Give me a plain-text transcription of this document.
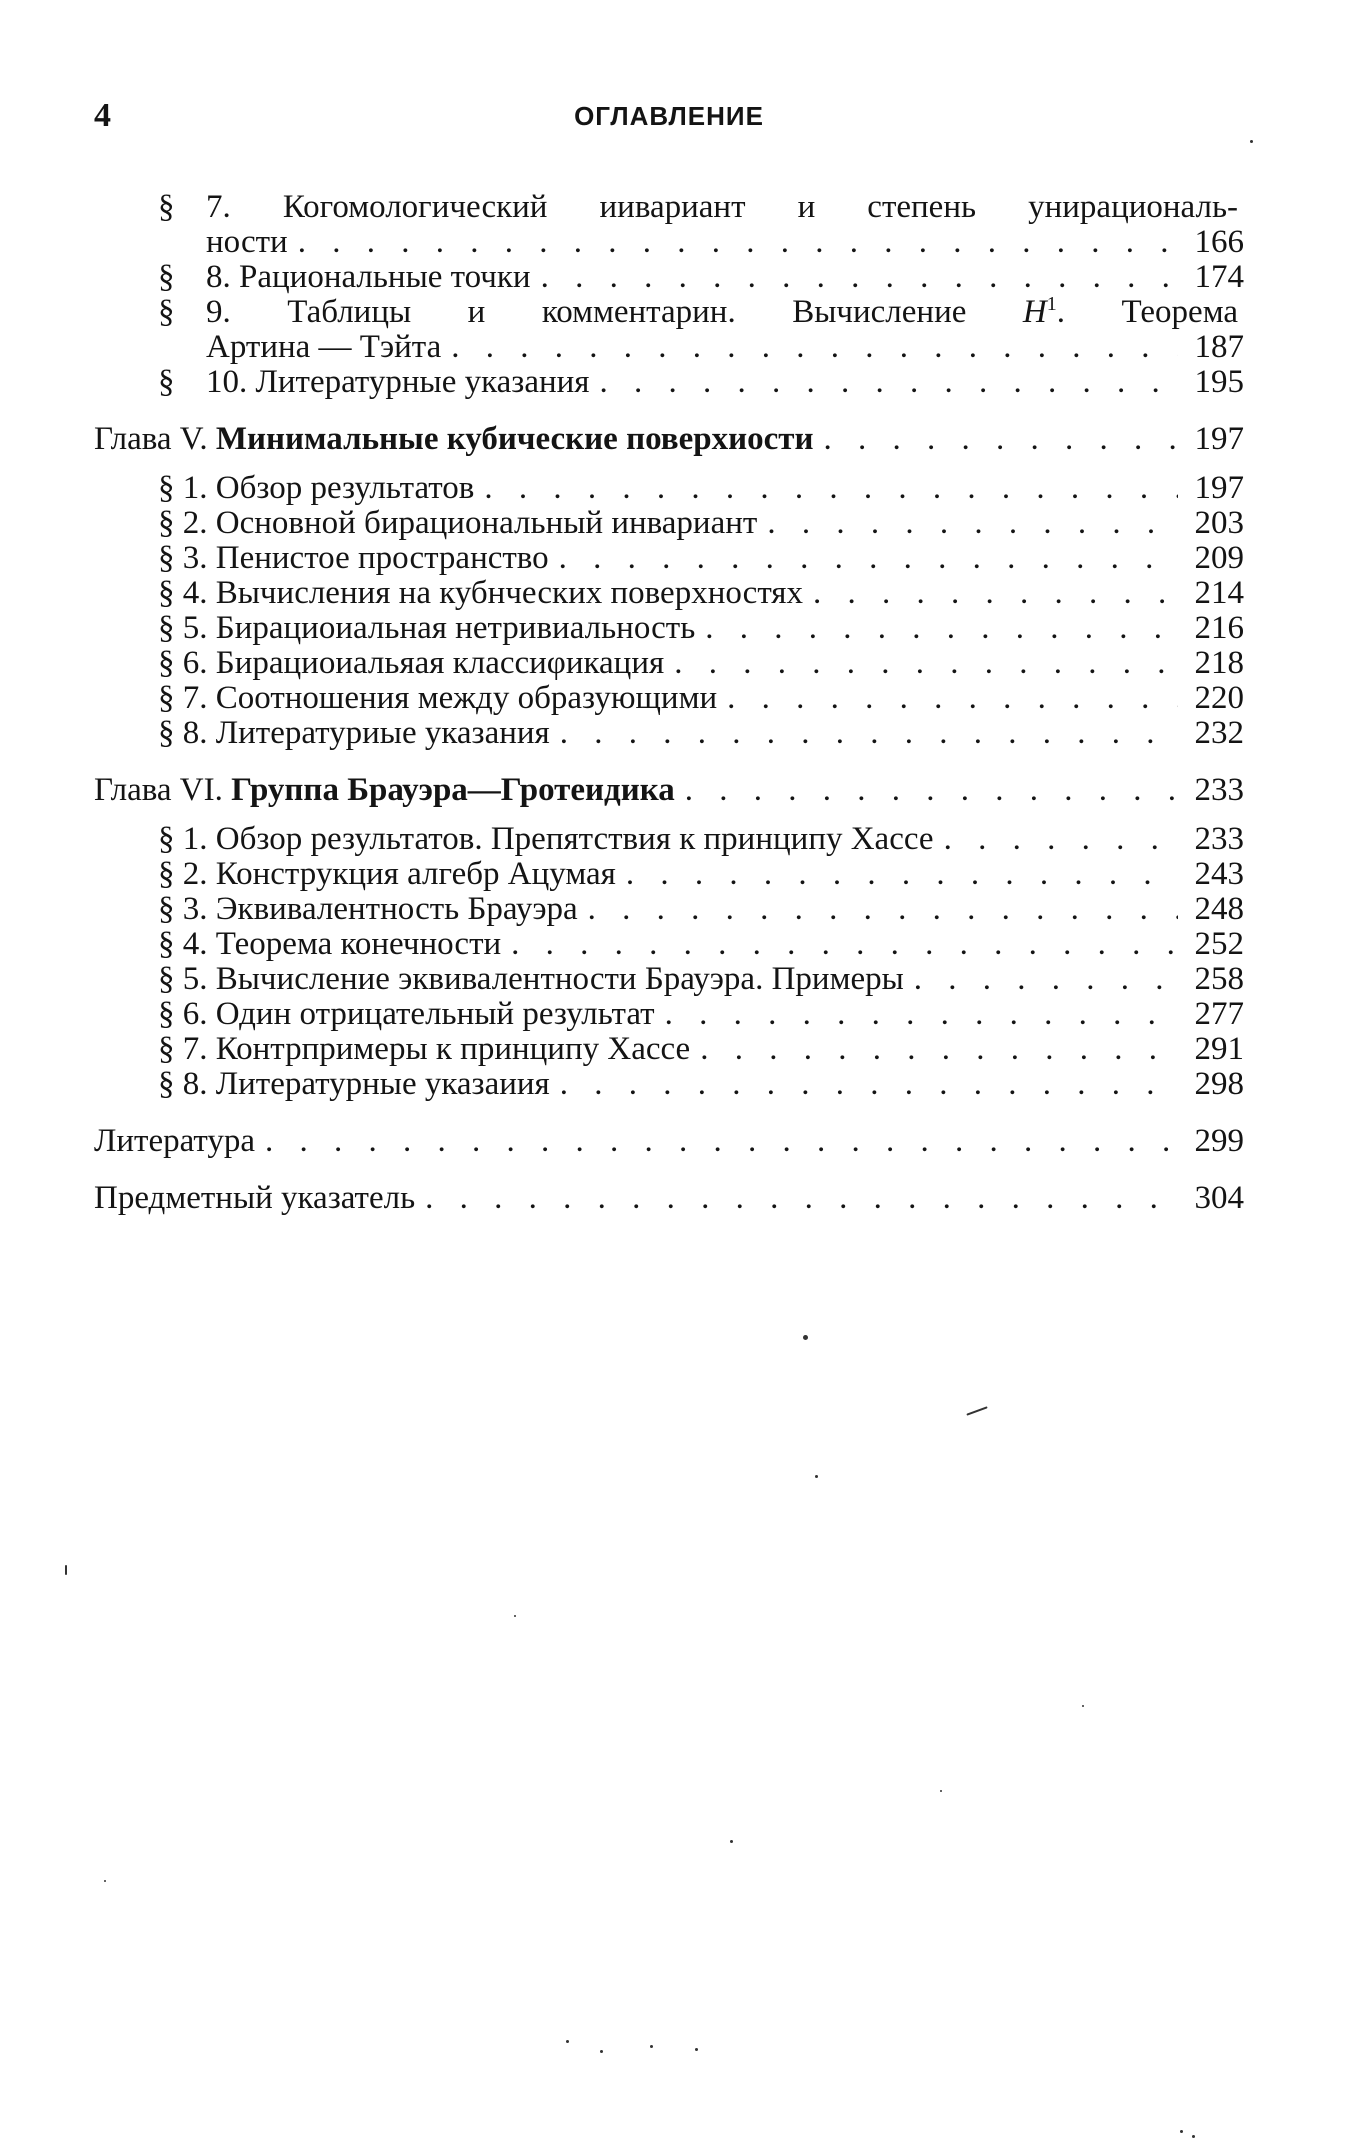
4	ОГЛАВЛЕНИЕ
§ 7. Когомологический иивариант и степень унирациональ-
ности . . .	166
§ 8. Рациональные точки . . .	174
§ 9. Таблицы и комментарин. Вычисление $H^1$. Теорема
Артина — Тэйта . . .	187
§ 10. Литературные указания . . .	195
Глава V. Минимальные кубические поверхиости . . .	197
§ 1. Обзор результатов . . .	197
§ 2. Основной бирациональный инвариант . . .	203
§ 3. Пенистое пространство . . .	209
§ 4. Вычисления на кубнческих поверхностях . . .	214
§ 5. Бирациоиальная нетривиальность . . .	216
§ 6. Бирациоиальяая классиφикация . . .	218
§ 7. Соотношения между образующими . . .	220
§ 8. Литературиые указания . . .	232
Глава VI. Группа Брауэра—Гротеидика . . .	233
§ 1. Обзор результатов. Препятствия к принципу Хассе . . .	233
§ 2. Конструкция алгебр Ацумая . . .	243
§ 3. Эквивалентность Брауэра . . .	248
§ 4. Теорема конечности . . .	252
§ 5. Вычисление эквивалентности Брауэра. Примеры . . .	258
§ 6. Один отрицательный результат . . .	277
§ 7. Контрпримеры к принципу Хассе . . .	291
§ 8. Литературные указаиия . . .	298
Литература . . .	299
Предметный указатель . . .	304
